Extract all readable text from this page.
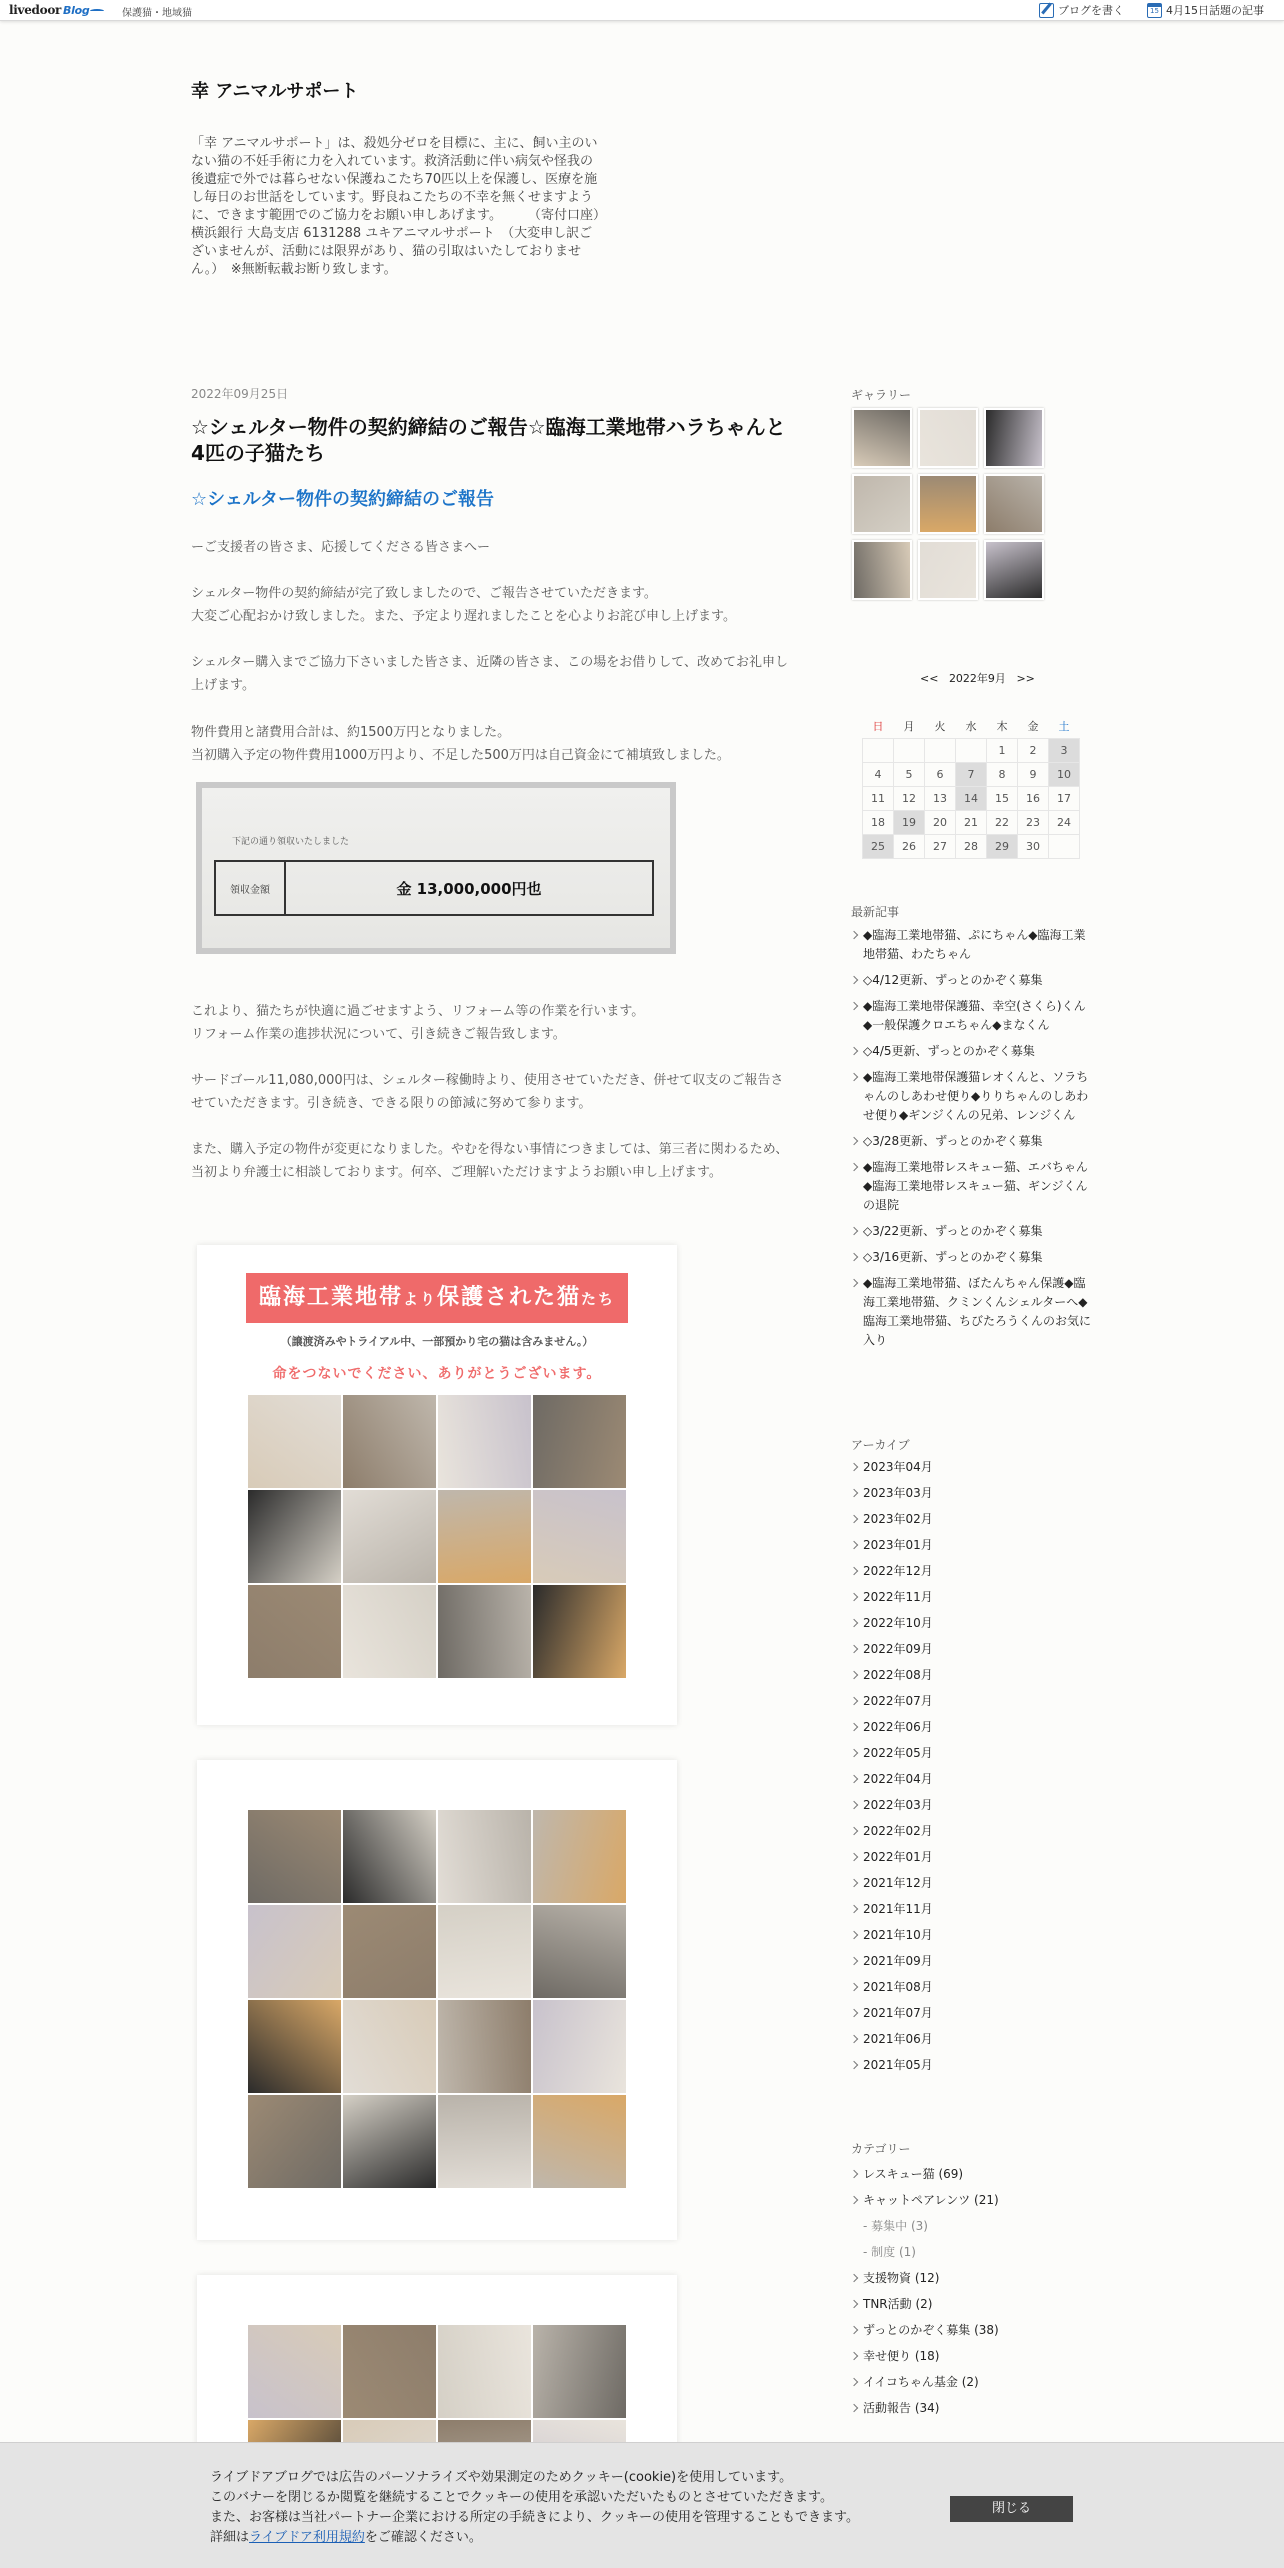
livedoor Blog	保護猫・地域猫	ブログを書く	15 4月15日話題の記事
幸 アニマルサポート

「幸 アニマルサポート」は、殺処分ゼロを目標に、主に、飼い主のいない猫の不妊手術に力を入れています。救済活動に伴い病気や怪我の後遺症で外では暮らせない保護ねこたち70匹以上を保護し、医療を施し毎日のお世話をしています。野良ねこたちの不幸を無くせますように、できます範囲でのご協力をお願い申しあげます。　　　（寄付口座）横浜銀行 大島支店 6131288 ユキアニマルサポート　（大変申し訳ございませんが、活動には限界があり、猫の引取はいたしておりません。）　※無断転載お断り致します。

2022年09月25日
☆シェルター物件の契約締結のご報告☆臨海工業地帯ハラちゃんと4匹の子猫たち
☆シェルター物件の契約締結のご報告

ーご支援者の皆さま、応援してくださる皆さまへー

シェルター物件の契約締結が完了致しましたので、ご報告させていただきます。
大変ご心配おかけ致しました。また、予定より遅れましたことを心よりお詫び申し上げます。

シェルター購入までご協力下さいました皆さま、近隣の皆さま、この場をお借りして、改めてお礼申し上げます。

物件費用と諸費用合計は、約1500万円となりました。
当初購入予定の物件費用1000万円より、不足した500万円は自己資金にて補填致しました。

下記の通り領収いたしました
領収金額	金 13,000,000円也

これより、猫たちが快適に過ごせますよう、リフォーム等の作業を行います。
リフォーム作業の進捗状況について、引き続きご報告致します。

サードゴール11,080,000円は、シェルター稼働時より、使用させていただき、併せて収支のご報告させていただきます。引き続き、できる限りの節減に努めて参ります。

また、購入予定の物件が変更になりました。やむを得ない事情につきましては、第三者に関わるため、当初より弁護士に相談しております。何卒、ご理解いただけますようお願い申し上げます。

臨海工業地帯より保護された猫たち
（譲渡済みやトライアル中、一部預かり宅の猫は含みません。）
命をつないでください、ありがとうございます。
ギャラリー
<< 2022年9月 >>
日	月	火	水	木	金	土
				1	2	3
4	5	6	7	8	9	10
11	12	13	14	15	16	17
18	19	20	21	22	23	24
25	26	27	28	29	30	
最新記事
◆臨海工業地帯猫、ぷにちゃん◆臨海工業地帯猫、わたちゃん
◇4/12更新、ずっとのかぞく募集
◆臨海工業地帯保護猫、幸空(さくら)くん◆一般保護クロエちゃん◆まなくん
◇4/5更新、ずっとのかぞく募集
◆臨海工業地帯保護猫レオくんと、ソラちゃんのしあわせ便り◆りりちゃんのしあわせ便り◆ギンジくんの兄弟、レンジくん
◇3/28更新、ずっとのかぞく募集
◆臨海工業地帯レスキュー猫、エバちゃん◆臨海工業地帯レスキュー猫、ギンジくんの退院
◇3/22更新、ずっとのかぞく募集
◇3/16更新、ずっとのかぞく募集
◆臨海工業地帯猫、ぼたんちゃん保護◆臨海工業地帯猫、クミンくんシェルターへ◆臨海工業地帯猫、ちびたろうくんのお気に入り
アーカイブ
2023年04月
2023年03月
2023年02月
2023年01月
2022年12月
2022年11月
2022年10月
2022年09月
2022年08月
2022年07月
2022年06月
2022年05月
2022年04月
2022年03月
2022年02月
2022年01月
2021年12月
2021年11月
2021年10月
2021年09月
2021年08月
2021年07月
2021年06月
2021年05月
カテゴリー
レスキュー猫 (69)
キャットペアレンツ (21)
- 募集中 (3)
- 制度 (1)
支援物資 (12)
TNR活動 (2)
ずっとのかぞく募集 (38)
幸せ便り (18)
イイコちゃん基金 (2)
活動報告 (34)
ライブドアブログでは広告のパーソナライズや効果測定のためクッキー(cookie)を使用しています。
このバナーを閉じるか閲覧を継続することでクッキーの使用を承認いただいたものとさせていただきます。
また、お客様は当社パートナー企業における所定の手続きにより、クッキーの使用を管理することもできます。
詳細はライブドア利用規約をご確認ください。
閉じる
